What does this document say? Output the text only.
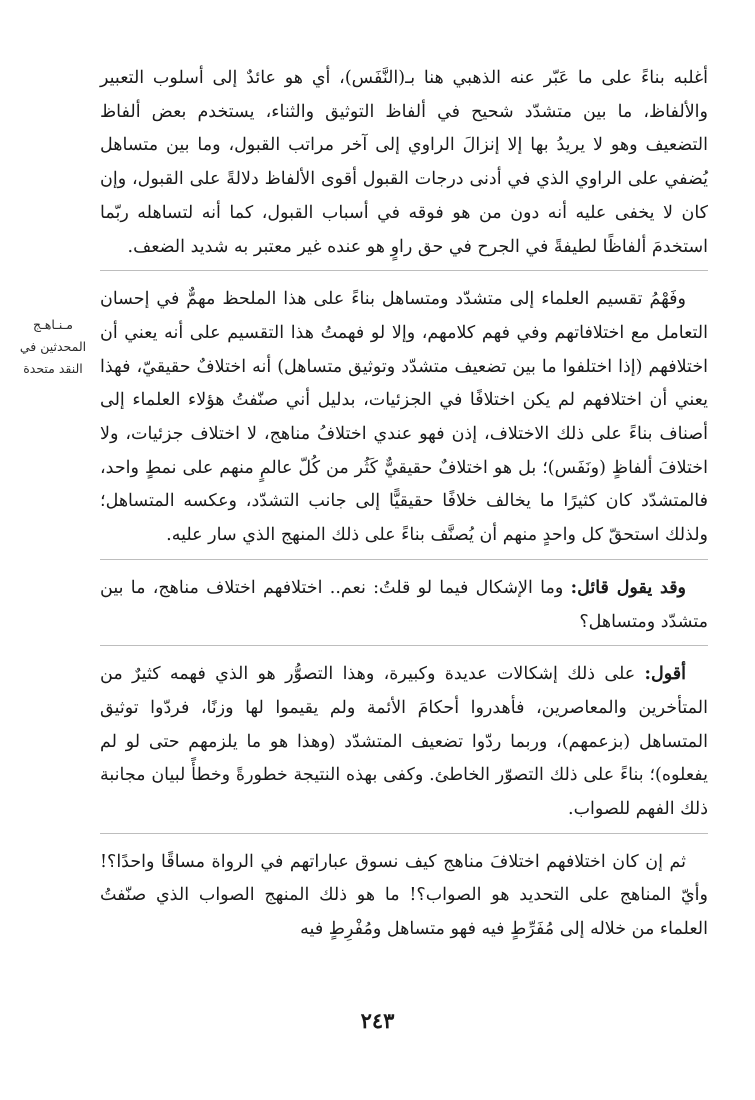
مـنـاهـج
المحدثين في
النقد متحدة

أغلبه بناءً على ما عَبّر عنه الذهبي هنا بـ(النَّفَس)، أي هو عائدٌ إلى أسلوب التعبير والألفاظ، ما بين متشدّد شحيح في ألفاظ التوثيق والثناء، يستخدم بعض ألفاظ التضعيف وهو لا يريدُ بها إلا إنزالَ الراوي إلى آخر مراتب القبول، وما بين متساهل يُضفي على الراوي الذي في أدنى درجات القبول أقوى الألفاظ دلالةً على القبول، وإن كان لا يخفى عليه أنه دون من هو فوقه في أسباب القبول، كما أنه لتساهله ربّما استخدمَ ألفاظًا لطيفةً في الجرح في حق راوٍ هو عنده غير معتبر به شديد الضعف.

وفَهْمُ تقسيم العلماء إلى متشدّد ومتساهل بناءً على هذا الملحظ مهمٌّ في إحسان التعامل مع اختلافاتهم وفي فهم كلامهم، وإلا لو فهمتُ هذا التقسيم على أنه يعني أن اختلافهم (إذا اختلفوا ما بين تضعيف متشدّد وتوثيق متساهل) أنه اختلافٌ حقيقيّ، فهذا يعني أن اختلافهم لم يكن اختلافًا في الجزئيات، بدليل أني صنّفتُ هؤلاء العلماء إلى أصناف بناءً على ذلك الاختلاف، إذن فهو عندي اختلافُ مناهج، لا اختلاف جزئيات، ولا اختلافَ ألفاظٍ (ونَفَس)؛ بل هو اختلافٌ حقيقيٌّ كَثُر من كُلّ عالمٍ منهم على نمطٍ واحد، فالمتشدّد كان كثيرًا ما يخالف خلافًا حقيقيًّا إلى جانب التشدّد، وعكسه المتساهل؛ ولذلك استحقّ كل واحدٍ منهم أن يُصنَّف بناءً على ذلك المنهج الذي سار عليه.

وقد يقول قائل: وما الإشكال فيما لو قلتُ: نعم.. اختلافهم اختلاف مناهج، ما بين متشدّد ومتساهل؟

أقول: على ذلك إشكالات عديدة وكبيرة، وهذا التصوُّر هو الذي فهمه كثيرٌ من المتأخرين والمعاصرين، فأهدروا أحكامَ الأئمة ولم يقيموا لها وزنًا، فردّوا توثيق المتساهل (بزعمهم)، وربما ردّوا تضعيف المتشدّد (وهذا هو ما يلزمهم حتى لو لم يفعلوه)؛ بناءً على ذلك التصوّر الخاطئ. وكفى بهذه النتيجة خطورةً وخطأً لبيان مجانبة ذلك الفهم للصواب.

ثم إن كان اختلافهم اختلافَ مناهج كيف نسوق عباراتهم في الرواة مساقًا واحدًا؟! وأيّ المناهج على التحديد هو الصواب؟! ما هو ذلك المنهج الصواب الذي صنّفتُ العلماء من خلاله إلى مُفَرِّطٍ فيه فهو متساهل ومُفْرِطٍ فيه

٢٤٣
